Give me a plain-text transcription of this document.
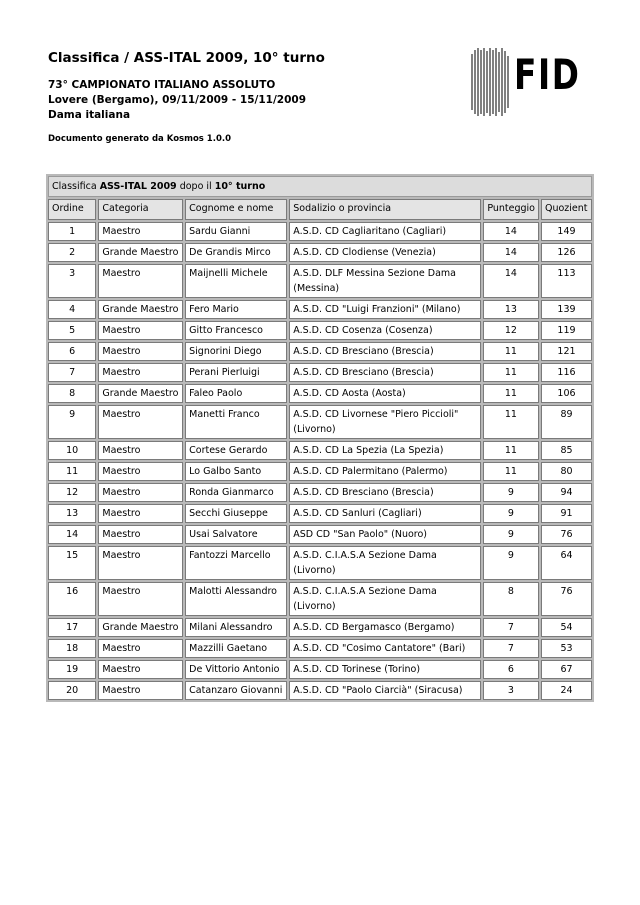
Classifica / ASS-ITAL 2009, 10° turno
73° CAMPIONATO ITALIANO ASSOLUTO
Lovere (Bergamo), 09/11/2009 - 15/11/2009
Dama italiana
Documento generato da Kosmos 1.0.0
FID
Classifica ASS-ITAL 2009 dopo il 10° turno					
Ordine	Categoria	Cognome e nome	Sodalizio o provincia	Punteggio	Quozient
1	Maestro	Sardu Gianni	A.S.D. CD Cagliaritano (Cagliari)	14	149
2	Grande Maestro	De Grandis Mirco	A.S.D. CD Clodiense (Venezia)	14	126
3	Maestro	Maijnelli Michele	A.S.D. DLF Messina Sezione Dama (Messina)	14	113
4	Grande Maestro	Fero Mario	A.S.D. CD "Luigi Franzioni" (Milano)	13	139
5	Maestro	Gitto Francesco	A.S.D. CD Cosenza (Cosenza)	12	119
6	Maestro	Signorini Diego	A.S.D. CD Bresciano (Brescia)	11	121
7	Maestro	Perani Pierluigi	A.S.D. CD Bresciano (Brescia)	11	116
8	Grande Maestro	Faleo Paolo	A.S.D. CD Aosta (Aosta)	11	106
9	Maestro	Manetti Franco	A.S.D. CD Livornese "Piero Piccioli" (Livorno)	11	89
10	Maestro	Cortese Gerardo	A.S.D. CD La Spezia (La Spezia)	11	85
11	Maestro	Lo Galbo Santo	A.S.D. CD Palermitano (Palermo)	11	80
12	Maestro	Ronda Gianmarco	A.S.D. CD Bresciano (Brescia)	9	94
13	Maestro	Secchi Giuseppe	A.S.D. CD Sanluri (Cagliari)	9	91
14	Maestro	Usai Salvatore	ASD CD "San Paolo" (Nuoro)	9	76
15	Maestro	Fantozzi Marcello	A.S.D. C.I.A.S.A Sezione Dama (Livorno)	9	64
16	Maestro	Malotti Alessandro	A.S.D. C.I.A.S.A Sezione Dama (Livorno)	8	76
17	Grande Maestro	Milani Alessandro	A.S.D. CD Bergamasco (Bergamo)	7	54
18	Maestro	Mazzilli Gaetano	A.S.D. CD "Cosimo Cantatore" (Bari)	7	53
19	Maestro	De Vittorio Antonio	A.S.D. CD Torinese (Torino)	6	67
20	Maestro	Catanzaro Giovanni	A.S.D. CD "Paolo Ciarcià" (Siracusa)	3	24
